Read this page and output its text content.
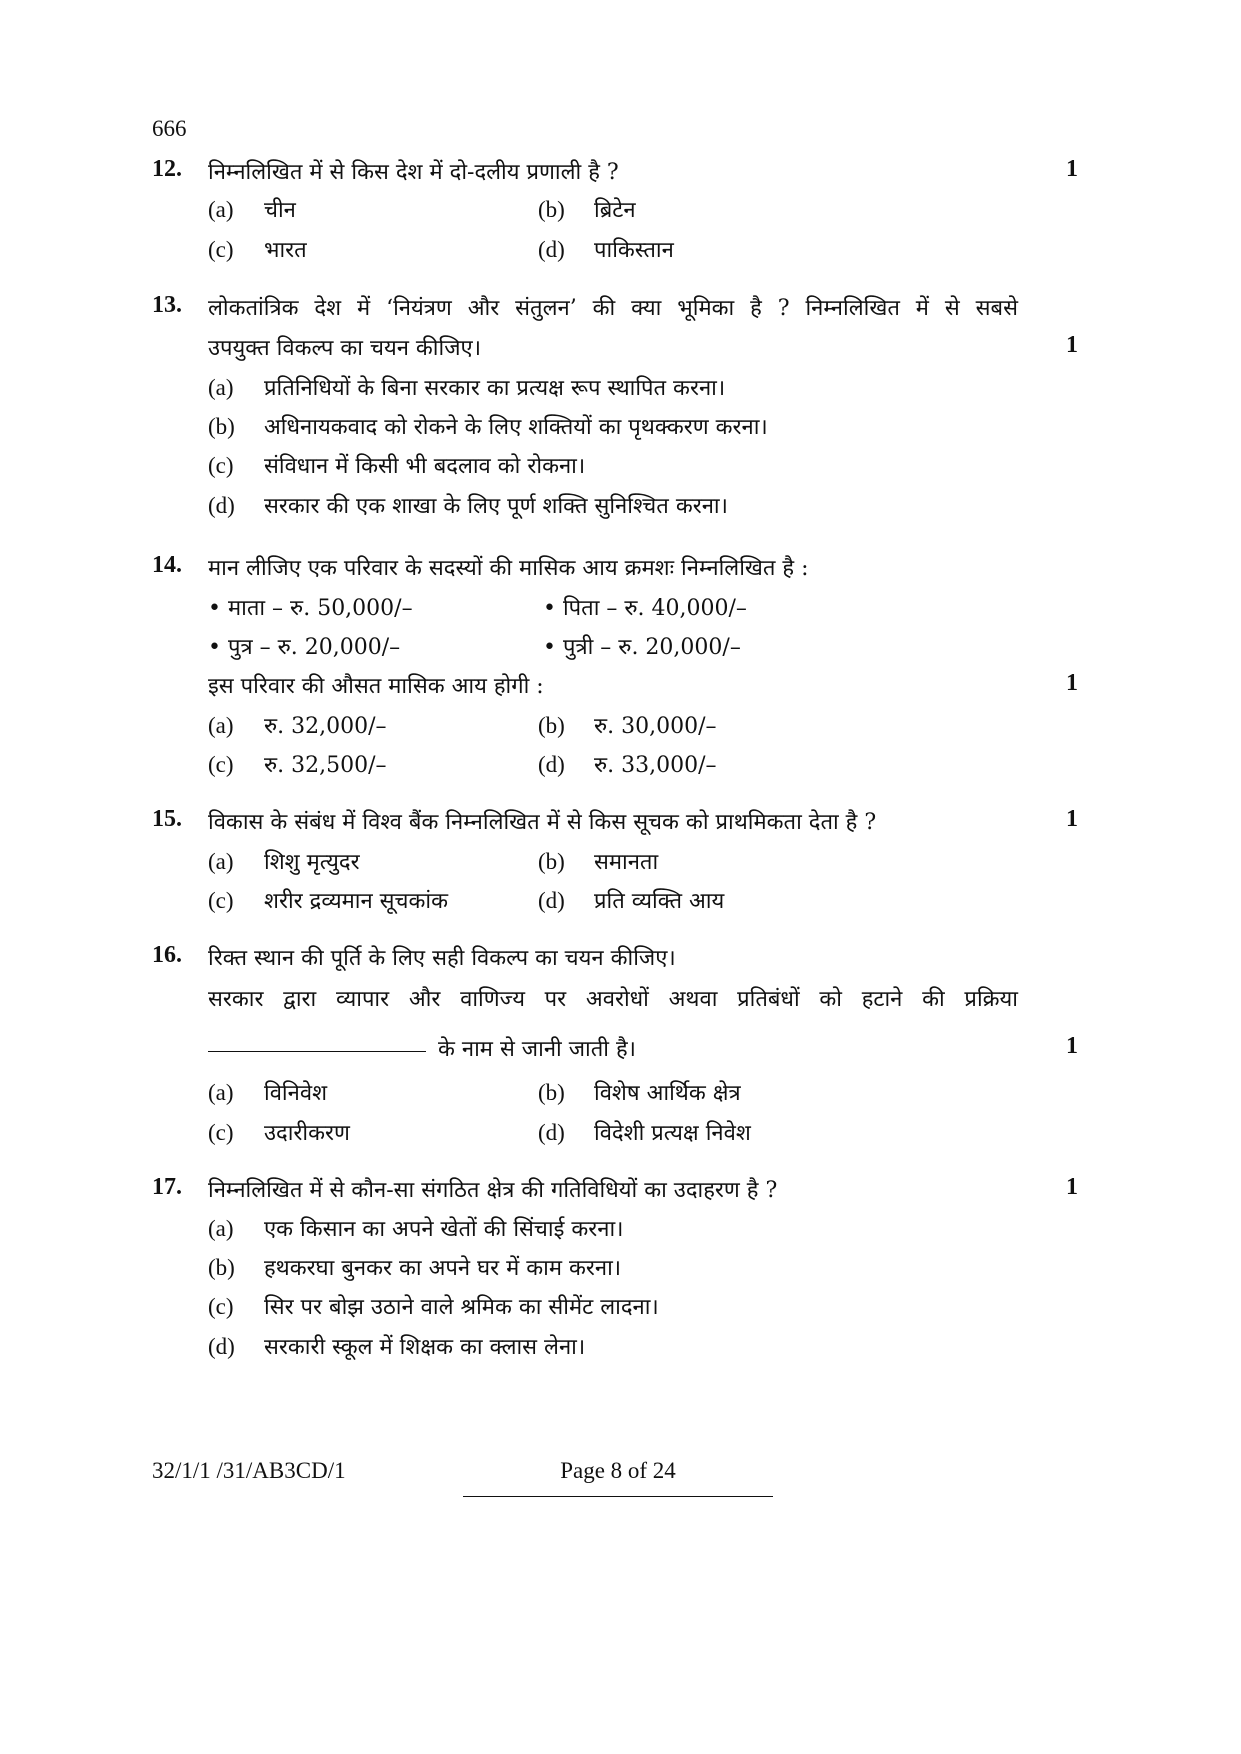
666
12. निम्नलिखित में से किस देश में दो-दलीय प्रणाली है ?	1
(a) चीन	(b) ब्रिटेन
(c) भारत	(d) पाकिस्तान
13. लोकतांत्रिक देश में ‘नियंत्रण और संतुलन’ की क्या भूमिका है ? निम्नलिखित में से सबसे
उपयुक्त विकल्प का चयन कीजिए।	1
(a) प्रतिनिधियों के बिना सरकार का प्रत्यक्ष रूप स्थापित करना।
(b) अधिनायकवाद को रोकने के लिए शक्तियों का पृथक्करण करना।
(c) संविधान में किसी भी बदलाव को रोकना।
(d) सरकार की एक शाखा के लिए पूर्ण शक्ति सुनिश्चित करना।
14. मान लीजिए एक परिवार के सदस्यों की मासिक आय क्रमशः निम्नलिखित है :
• माता – रु. 50,000/–	• पिता – रु. 40,000/–
• पुत्र – रु. 20,000/–	• पुत्री – रु. 20,000/–
इस परिवार की औसत मासिक आय होगी :	1
(a) रु. 32,000/–	(b) रु. 30,000/–
(c) रु. 32,500/–	(d) रु. 33,000/–
15. विकास के संबंध में विश्व बैंक निम्नलिखित में से किस सूचक को प्राथमिकता देता है ?	1
(a) शिशु मृत्युदर	(b) समानता
(c) शरीर द्रव्यमान सूचकांक	(d) प्रति व्यक्ति आय
16. रिक्त स्थान की पूर्ति के लिए सही विकल्प का चयन कीजिए।
सरकार द्वारा व्यापार और वाणिज्य पर अवरोधों अथवा प्रतिबंधों को हटाने की प्रक्रिया
के नाम से जानी जाती है।	1
(a) विनिवेश	(b) विशेष आर्थिक क्षेत्र
(c) उदारीकरण	(d) विदेशी प्रत्यक्ष निवेश
17. निम्नलिखित में से कौन-सा संगठित क्षेत्र की गतिविधियों का उदाहरण है ?	1
(a) एक किसान का अपने खेतों की सिंचाई करना।
(b) हथकरघा बुनकर का अपने घर में काम करना।
(c) सिर पर बोझ उठाने वाले श्रमिक का सीमेंट लादना।
(d) सरकारी स्कूल में शिक्षक का क्लास लेना।
32/1/1 /31/AB3CD/1	Page 8 of 24
